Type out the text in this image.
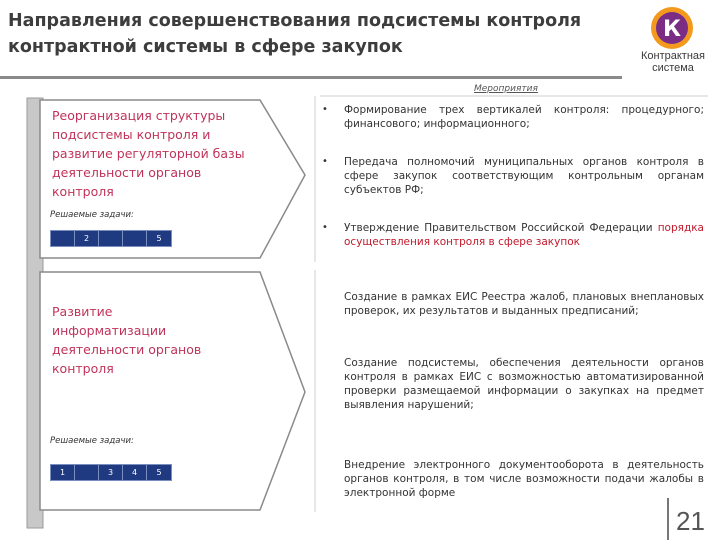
Направления совершенствования подсистемы контроля контрактной системы в сфере закупок
К
Контрактная
система
Мероприятия
Реорганизация структуры подсистемы контроля и развитие регуляторной базы деятельности органов контроля
Решаемые задачи:
2	5
Развитие информатизации деятельности органов контроля
Решаемые задачи:
1	3	4	5
• Формирование трех вертикалей контроля: процедурного; финансового; информационного;
• Передача полномочий муниципальных органов контроля в сфере закупок соответствующим контрольным органам субъектов РФ;
• Утверждение Правительством Российской Федерации порядка осуществления контроля в сфере закупок
Создание в рамках ЕИС Реестра жалоб, плановых внеплановых проверок, их результатов и выданных предписаний;
Создание подсистемы, обеспечения деятельности органов контроля в рамках ЕИС с возможностью автоматизированной проверки размещаемой информации о закупках на предмет выявления нарушений;
Внедрение электронного документооборота в деятельность органов контроля, в том числе возможности подачи жалобы в электронной форме
21
